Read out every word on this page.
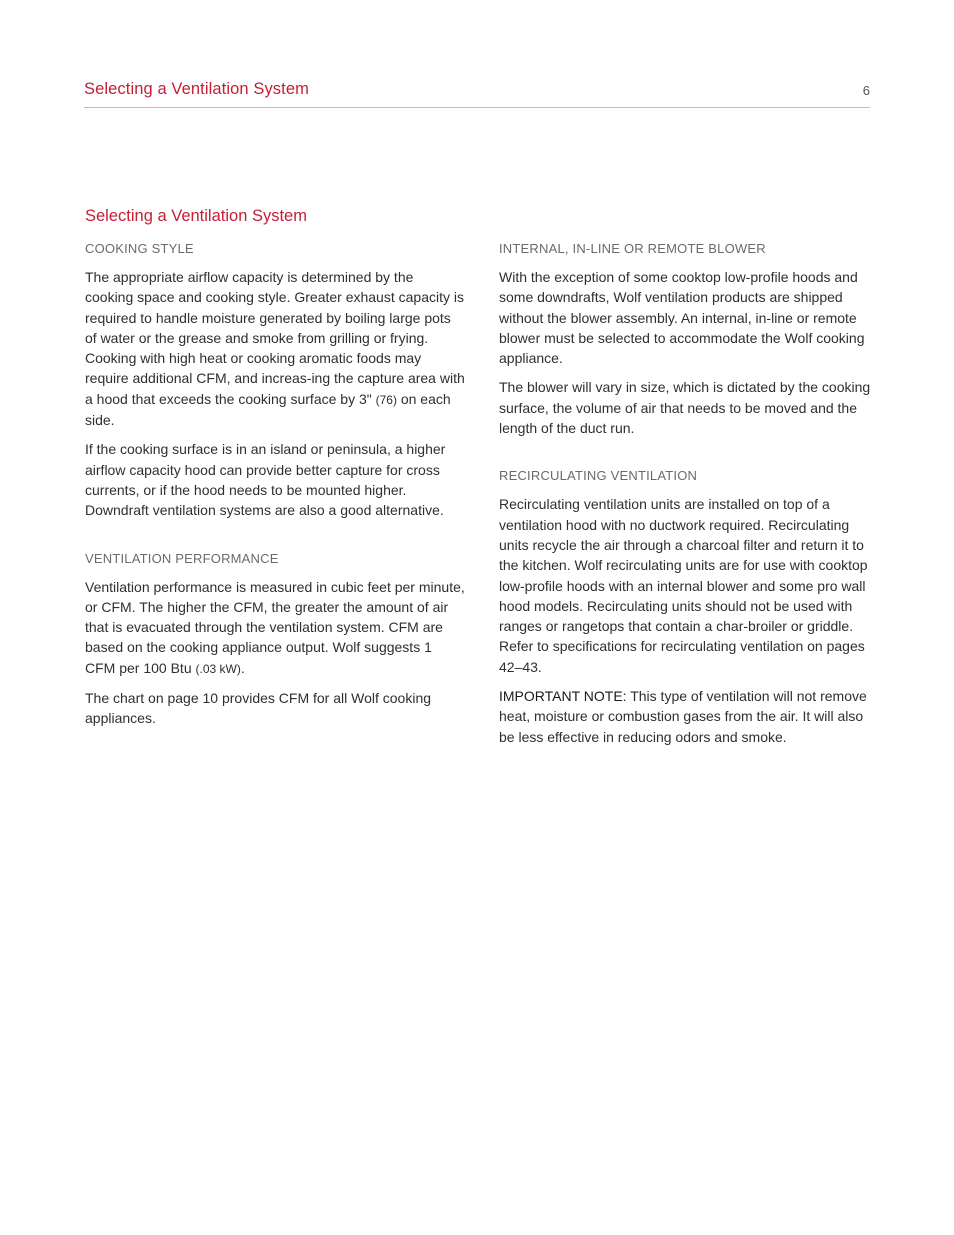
Selecting a Ventilation System	6
Selecting a Ventilation System
COOKING STYLE

The appropriate airflow capacity is determined by the cooking space and cooking style. Greater exhaust capacity is required to handle moisture generated by boiling large pots of water or the grease and smoke from grilling or frying. Cooking with high heat or cooking aromatic foods may require additional CFM, and increas-ing the capture area with a hood that exceeds the cooking surface by 3" (76) on each side.

If the cooking surface is in an island or peninsula, a higher airflow capacity hood can provide better capture for cross currents, or if the hood needs to be mounted higher. Downdraft ventilation systems are also a good alternative.

VENTILATION PERFORMANCE

Ventilation performance is measured in cubic feet per minute, or CFM. The higher the CFM, the greater the amount of air that is evacuated through the ventilation system. CFM are based on the cooking appliance output. Wolf suggests 1 CFM per 100 Btu (.03 kW).

The chart on page 10 provides CFM for all Wolf cooking appliances.

INTERNAL, IN-LINE OR REMOTE BLOWER

With the exception of some cooktop low-profile hoods and some downdrafts, Wolf ventilation products are shipped without the blower assembly. An internal, in-line or remote blower must be selected to accommodate the Wolf cooking appliance.

The blower will vary in size, which is dictated by the cooking surface, the volume of air that needs to be moved and the length of the duct run.

RECIRCULATING VENTILATION

Recirculating ventilation units are installed on top of a ventilation hood with no ductwork required. Recirculating units recycle the air through a charcoal filter and return it to the kitchen. Wolf recirculating units are for use with cooktop low-profile hoods with an internal blower and some pro wall hood models. Recirculating units should not be used with ranges or rangetops that contain a char-broiler or griddle. Refer to specifications for recirculating ventilation on pages 42–43.

IMPORTANT NOTE: This type of ventilation will not remove heat, moisture or combustion gases from the air. It will also be less effective in reducing odors and smoke.
